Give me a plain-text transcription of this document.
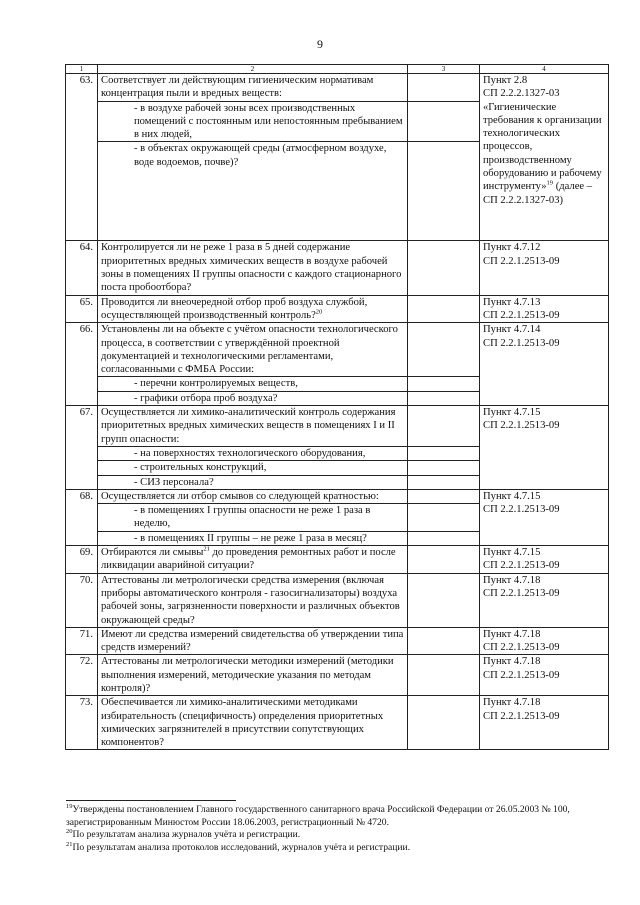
9
1	2	3	4
63.	Соответствует ли действующим гигиеническим нормативам концентрация пыли и вредных веществ:		Пункт 2.8
СП 2.2.2.1327-03
«Гигиенические требования к организации технологических процессов, производственному оборудованию и рабочему инструменту»$^{19}$ (далее – СП 2.2.2.1327-03)
	- в воздухе рабочей зоны всех производственных помещений с постоянным или непостоянным пребыванием в них людей,		
	- в объектах окружающей среды (атмосферном воздухе, воде водоемов, почве)?		
64.	Контролируется ли не реже 1 раза в 5 дней содержание приоритетных вредных химических веществ в воздухе рабочей зоны в помещениях II группы опасности с каждого стационарного поста пробоотбора?		Пункт 4.7.12
СП 2.2.1.2513-09

65.	Проводится ли внеочередной отбор проб воздуха службой, осуществляющей производственный контроль?$^{20}$		Пункт 4.7.13
СП 2.2.1.2513-09

66.	Установлены ли на объекте с учётом опасности технологического процесса, в соответствии с утверждённой проектной документацией и технологическими регламентами, согласованными с ФМБА России:		Пункт 4.7.14
СП 2.2.1.2513-09

	- перечни контролируемых веществ,		
	- графики отбора проб воздуха?		
67.	Осуществляется ли химико-аналитический контроль содержания приоритетных вредных химических веществ в помещениях I и II групп опасности:		Пункт 4.7.15
СП 2.2.1.2513-09

	- на поверхностях технологического оборудования,		
	- строительных конструкций,		
	- СИЗ персонала?		
68.	Осуществляется ли отбор смывов со следующей кратностью:		Пункт 4.7.15
СП 2.2.1.2513-09

	- в помещениях I группы опасности не реже 1 раза в неделю,		
	- в помещениях II группы – не реже 1 раза в месяц?		
69.	Отбираются ли смывы$^{21}$ до проведения ремонтных работ и после ликвидации аварийной ситуации?		Пункт 4.7.15
СП 2.2.1.2513-09

70.	Аттестованы ли метрологически средства измерения (включая приборы автоматического контроля - газосигнализаторы) воздуха рабочей зоны, загрязненности поверхности и различных объектов окружающей среды?		Пункт 4.7.18
СП 2.2.1.2513-09

71.	Имеют ли средства измерений свидетельства об утверждении типа средств измерений?		Пункт 4.7.18
СП 2.2.1.2513-09

72.	Аттестованы ли метрологически методики измерений (методики выполнения измерений, методические указания по методам контроля)?		Пункт 4.7.18
СП 2.2.1.2513-09

73.	Обеспечивается ли химико-аналитическими методиками избирательность (специфичность) определения приоритетных химических загрязнителей в присутствии сопутствующих компонентов?		Пункт 4.7.18
СП 2.2.1.2513-09

$^{19}$Утверждены постановлением Главного государственного санитарного врача Российской Федерации от 26.05.2003 № 100, зарегистрированным Минюстом России 18.06.2003, регистрационный № 4720.

$^{20}$По результатам анализа журналов учёта и регистрации.

$^{21}$По результатам анализа протоколов исследований, журналов учёта и регистрации.
